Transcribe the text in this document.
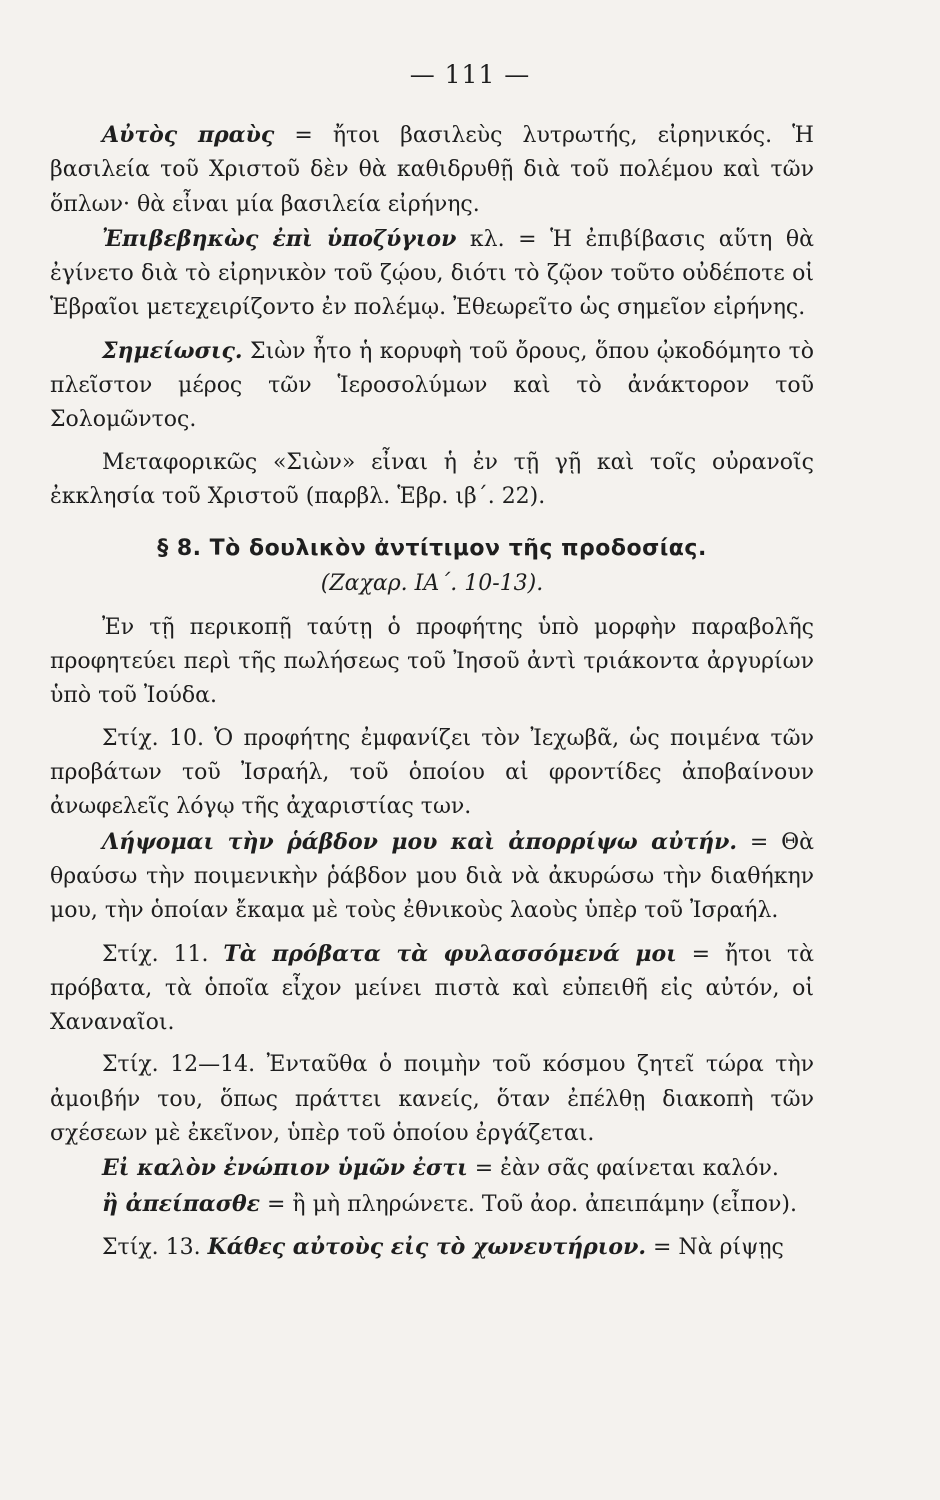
— 111 —

Αὐτὸς πραὺς = ἤτοι βασιλεὺς λυτρωτής, εἰρηνικός. Ἡ βασιλεία τοῦ Χριστοῦ δὲν θὰ καθιδρυθῇ διὰ τοῦ πολέμου καὶ τῶν ὅπλων· θὰ εἶναι μία βασιλεία εἰρήνης.

Ἐπιβεβηκὼς ἐπὶ ὑποζύγιον κλ. = Ἡ ἐπιβίβασις αὕτη θὰ ἐγίνετο διὰ τὸ εἰρηνικὸν τοῦ ζῴου, διότι τὸ ζῷον τοῦτο οὐδέποτε οἱ Ἑβραῖοι μετεχειρίζοντο ἐν πολέμῳ. Ἐθεωρεῖτο ὡς σημεῖον εἰρήνης.

Σημείωσις. Σιὼν ἦτο ἡ κορυφὴ τοῦ ὄρους, ὅπου ᾠκοδόμητο τὸ πλεῖστον μέρος τῶν Ἱεροσολύμων καὶ τὸ ἀνάκτορον τοῦ Σολομῶντος.

Μεταφορικῶς «Σιὼν» εἶναι ἡ ἐν τῇ γῇ καὶ τοῖς οὐρανοῖς ἐκκλησία τοῦ Χριστοῦ (παρβλ. Ἑβρ. ιβ΄. 22).

§ 8. Τὸ δουλικὸν ἀντίτιμον τῆς προδοσίας.

(Ζαχαρ. ΙΑ΄. 10-13).

Ἐν τῇ περικοπῇ ταύτῃ ὁ προφήτης ὑπὸ μορφὴν παραβολῆς προφητεύει περὶ τῆς πωλήσεως τοῦ Ἰησοῦ ἀντὶ τριάκοντα ἀργυρίων ὑπὸ τοῦ Ἰούδα.

Στίχ. 10. Ὁ προφήτης ἐμφανίζει τὸν Ἰεχωβᾶ, ὡς ποιμένα τῶν προβάτων τοῦ Ἰσραήλ, τοῦ ὁποίου αἱ φροντίδες ἀποβαίνουν ἀνωφελεῖς λόγῳ τῆς ἀχαριστίας των.

Λήψομαι τὴν ῥάβδον μου καὶ ἀπορρίψω αὐτήν. = Θὰ θραύσω τὴν ποιμενικὴν ῥάβδον μου διὰ νὰ ἀκυρώσω τὴν διαθήκην μου, τὴν ὁποίαν ἔκαμα μὲ τοὺς ἐθνικοὺς λαοὺς ὑπὲρ τοῦ Ἰσραήλ.

Στίχ. 11. Τὰ πρόβατα τὰ φυλασσόμενά μοι = ἤτοι τὰ πρόβατα, τὰ ὁποῖα εἶχον μείνει πιστὰ καὶ εὐπειθῆ εἰς αὐτόν, οἱ Χαναναῖοι.

Στίχ. 12—14. Ἐνταῦθα ὁ ποιμὴν τοῦ κόσμου ζητεῖ τώρα τὴν ἀμοιβήν του, ὅπως πράττει κανείς, ὅταν ἐπέλθῃ διακοπὴ τῶν σχέσεων μὲ ἐκεῖνον, ὑπὲρ τοῦ ὁποίου ἐργάζεται.

Εἰ καλὸν ἐνώπιον ὑμῶν ἐστι = ἐὰν σᾶς φαίνεται καλόν.

ἢ ἀπείπασθε = ἢ μὴ πληρώνετε. Τοῦ ἀορ. ἀπειπάμην (εἶπον).

Στίχ. 13. Κάθες αὐτοὺς εἰς τὸ χωνευτήριον. = Νὰ ρίψῃς
